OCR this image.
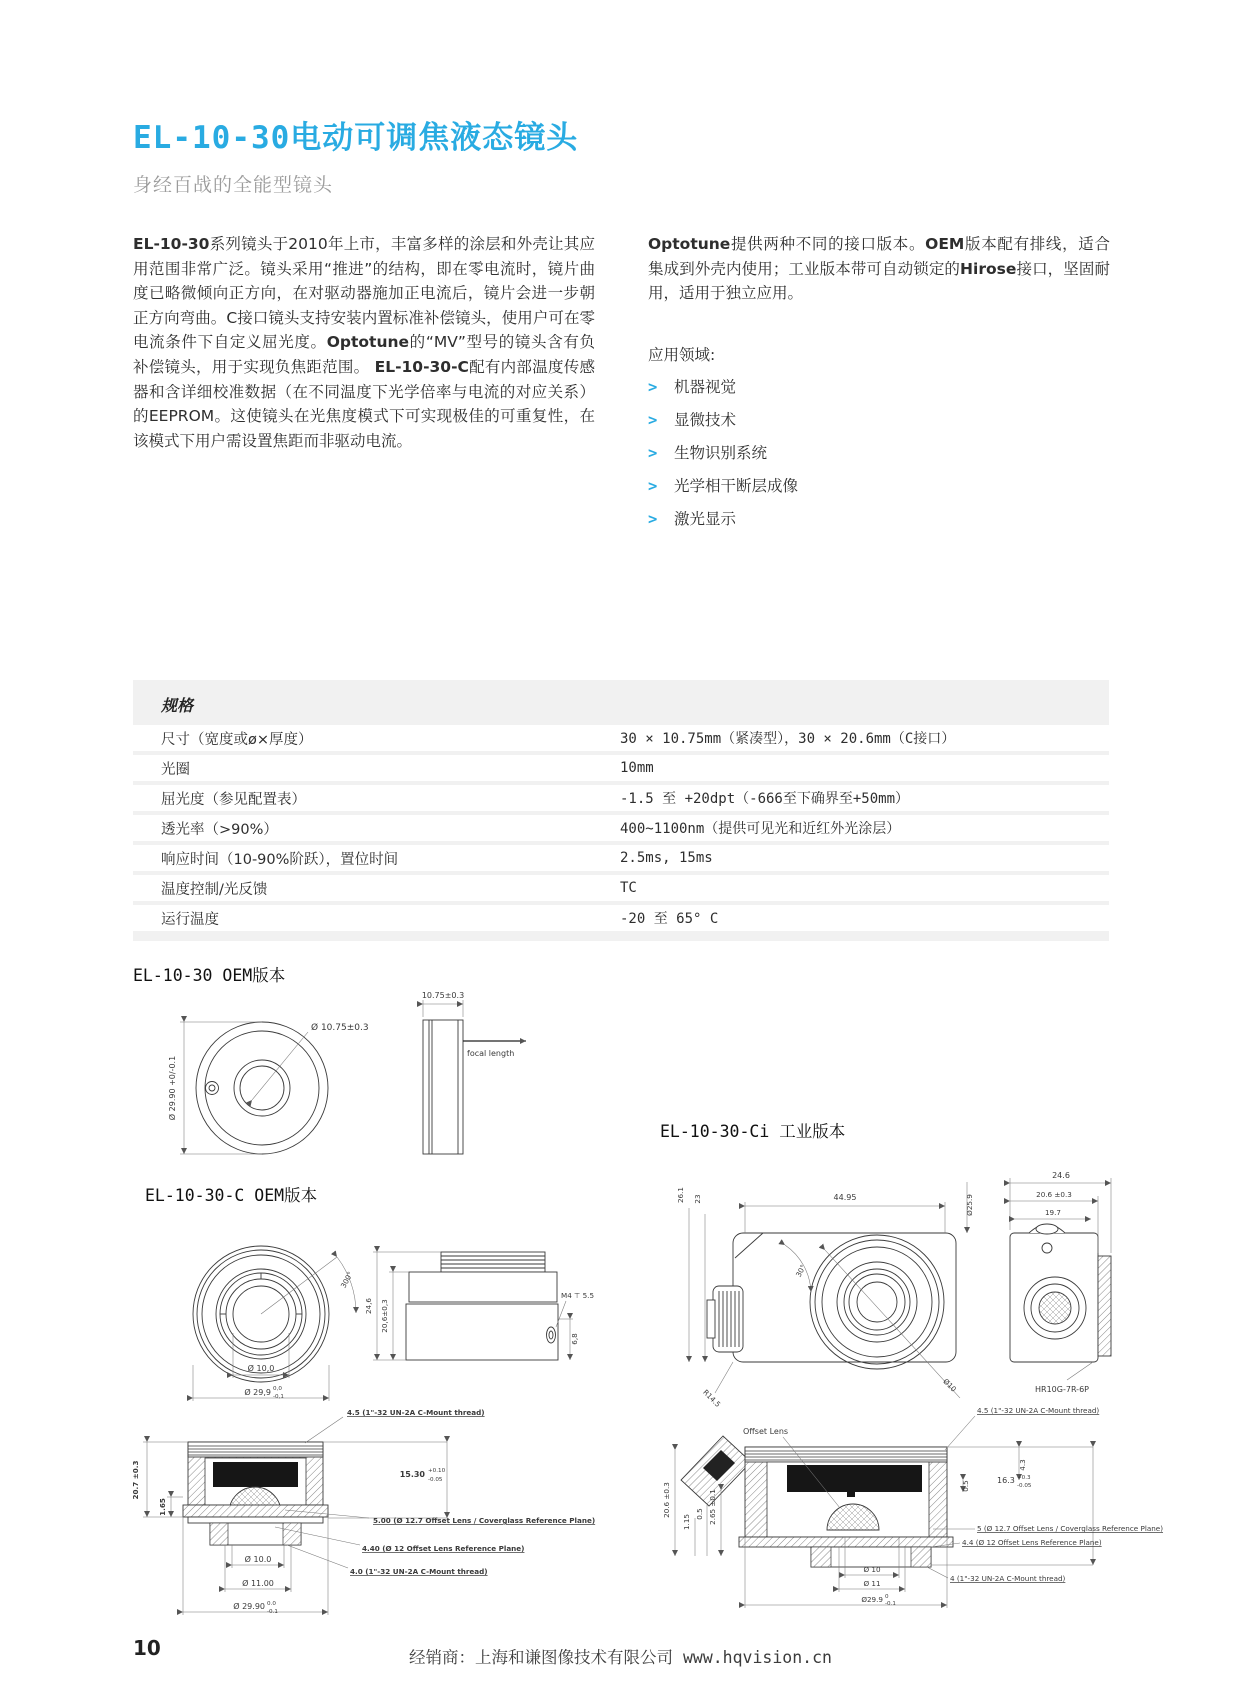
EL-10-30电动可调焦液态镜头
身经百战的全能型镜头
EL-10-30系列镜头于2010年上市，丰富多样的涂层和外壳让其应用范围非常广泛。镜头采用“推进”的结构，即在零电流时，镜片曲度已略微倾向正方向，在对驱动器施加正电流后，镜片会进一步朝正方向弯曲。C接口镜头支持安装内置标准补偿镜头，使用户可在零电流条件下自定义屈光度。Optotune的“MV”型号的镜头含有负补偿镜头，用于实现负焦距范围。 EL-10-30-C配有内部温度传感器和含详细校准数据（在不同温度下光学倍率与电流的对应关系）的EEPROM。这使镜头在光焦度模式下可实现极佳的可重复性，在该模式下用户需设置焦距而非驱动电流。
Optotune提供两种不同的接口版本。OEM版本配有排线，适合集成到外壳内使用；工业版本带可自动锁定的Hirose接口，坚固耐用，适用于独立应用。
应用领域:
>	机器视觉
>	显微技术
>	生物识别系统
>	光学相干断层成像
>	激光显示
规格
尺寸（宽度或ø×厚度）	30 × 10.75mm（紧凑型），30 × 20.6mm（C接口）
光圈	10mm
屈光度（参见配置表）	-1.5 至 +20dpt（-666至下确界至+50mm）
透光率（>90%）	400~1100nm（提供可见光和近红外光涂层）
响应时间（10-90%阶跃），置位时间	2.5ms, 15ms
温度控制/光反馈	TC
运行温度	-20 至 65° C
EL-10-30 OEM版本
EL-10-30-Ci 工业版本
EL-10-30-C OEM版本
Ø 29.90 +0/-0.1
Ø 10.75±0.3
10.75±0.3
focal length
300°
Ø 10,0
Ø 29,9 0,0
-0,1
24,6 20,6±0,3
M4 ⊤ 5.5
6,8
4.5 (1"-32 UN-2A C-Mount thread)
15.30 +0.10
-0.05
5.00 (Ø 12.7 Offset Lens / Coverglass Reference Plane)
4.40 (Ø 12 Offset Lens Reference Plane)
4.0 (1"-32 UN-2A C-Mount thread)
20.7 ±0.3
1.65
Ø 10.0
Ø 11.00
Ø 29.90 0.0
-0.1
44.95	Ø25.9
26.1 23
30°
Ø10
R14.5
24.6
20.6 ±0.3
19.7
HR10G-7R-6P
Offset Lens
4.5 (1"-32 UN-2A C-Mount thread)
4.3
0.5	16.3 +0.3
-0.05
20.6 ±0.3	2.65 ±0.1
0.5
1.15	5 (Ø 12.7 Offset Lens / Coverglass Reference Plane)
4.4 (Ø 12 Offset Lens Reference Plane)
4 (1"-32 UN-2A C-Mount thread)
Ø 10
Ø 11
Ø29.9 0
-0.1
10	经销商：上海和谦图像技术有限公司 www.hqvision.cn
